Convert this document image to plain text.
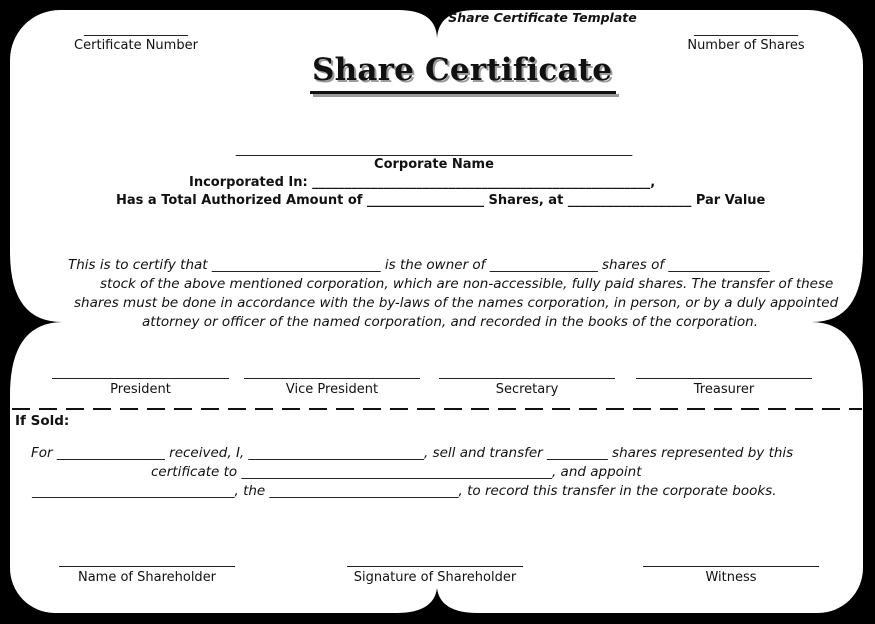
Share Certificate Template
________________
Certificate Number
________________
Number of Shares
Share Certificate
_____________________________________________________________
Corporate Name
Incorporated In: ____________________________________________________,
Has a Total Authorized Amount of __________________ Shares, at ___________________ Par Value
This is to certify that _________________________ is the owner of ________________ shares of _______________
stock of the above mentioned corporation, which are non-accessible, fully paid shares. The transfer of these
shares must be done in accordance with the by-laws of the names corporation, in person, or by a duly appointed
attorney or officer of the named corporation, and recorded in the books of the corporation.
President	Vice President	Secretary	Treasurer
If Sold:
For ________________ received, I, __________________________, sell and transfer _________ shares represented by this
certificate to ______________________________________________, and appoint
______________________________, the ____________________________, to record this transfer in the corporate books.
Name of Shareholder	Signature of Shareholder	Witness
